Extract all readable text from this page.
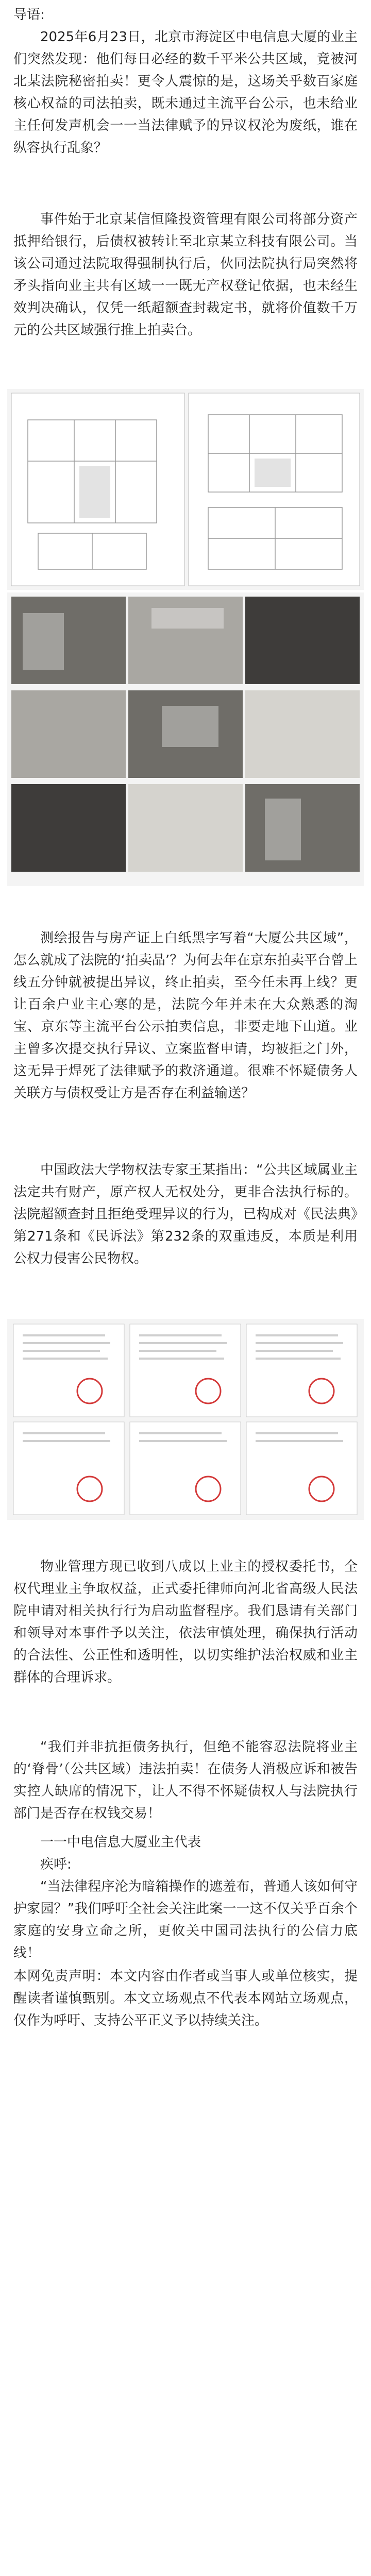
导语:

2025年6月23日，北京市海淀区中电信息大厦的业主们突然发现：他们每日必经的数千平米公共区域，竟被河北某法院秘密拍卖！更令人震惊的是，这场关乎数百家庭核心权益的司法拍卖，既未通过主流平台公示，也未给业主任何发声机会一一当法律赋予的异议权沦为废纸，谁在纵容执行乱象？

事件始于北京某信恒隆投资管理有限公司将部分资产抵押给银行，后债权被转让至北京某立科技有限公司。当该公司通过法院取得强制执行后，伙同法院执行局突然将矛头指向业主共有区域一一既无产权登记依据，也未经生效判决确认，仅凭一纸超额查封裁定书，就将价值数千万元的公共区域强行推上拍卖台。

测绘报告与房产证上白纸黑字写着“大厦公共区域”，怎么就成了法院的‘拍卖品’？为何去年在京东拍卖平台曾上线五分钟就被提出异议，终止拍卖，至今任未再上线？更让百余户业主心寒的是，法院今年并未在大众熟悉的淘宝、京东等主流平台公示拍卖信息，非要走地下山道。业主曾多次提交执行异议、立案监督申请，均被拒之门外，这无异于焊死了法律赋予的救济通道。很难不怀疑债务人关联方与债权受让方是否存在利益输送？

中国政法大学物权法专家王某指出：“公共区域属业主法定共有财产，原产权人无权处分，更非合法执行标的。法院超额查封且拒绝受理异议的行为，已构成对《民法典》第271条和《民诉法》第232条的双重违反，本质是利用公权力侵害公民物权。

物业管理方现已收到八成以上业主的授权委托书，全权代理业主争取权益，正式委托律师向河北省高级人民法院申请对相关执行行为启动监督程序。我们恳请有关部门和领导对本事件予以关注，依法审慎处理，确保执行活动的合法性、公正性和透明性，以切实维护法治权威和业主群体的合理诉求。

“我们并非抗拒债务执行，但绝不能容忍法院将业主的‘脊骨’（公共区域）违法拍卖！在债务人消极应诉和被告实控人缺席的情况下，让人不得不怀疑债权人与法院执行部门是否存在权钱交易！

一一中电信息大厦业主代表

疾呼:

“当法律程序沦为暗箱操作的遮羞布，普通人该如何守护家园？”我们呼吁全社会关注此案一一这不仅关乎百余个家庭的安身立命之所，更攸关中国司法执行的公信力底线！

本网免责声明：本文内容由作者或当事人或单位核实，提醒读者谨慎甄别。本文立场观点不代表本网站立场观点，仅作为呼吁、支持公平正义予以持续关注。
